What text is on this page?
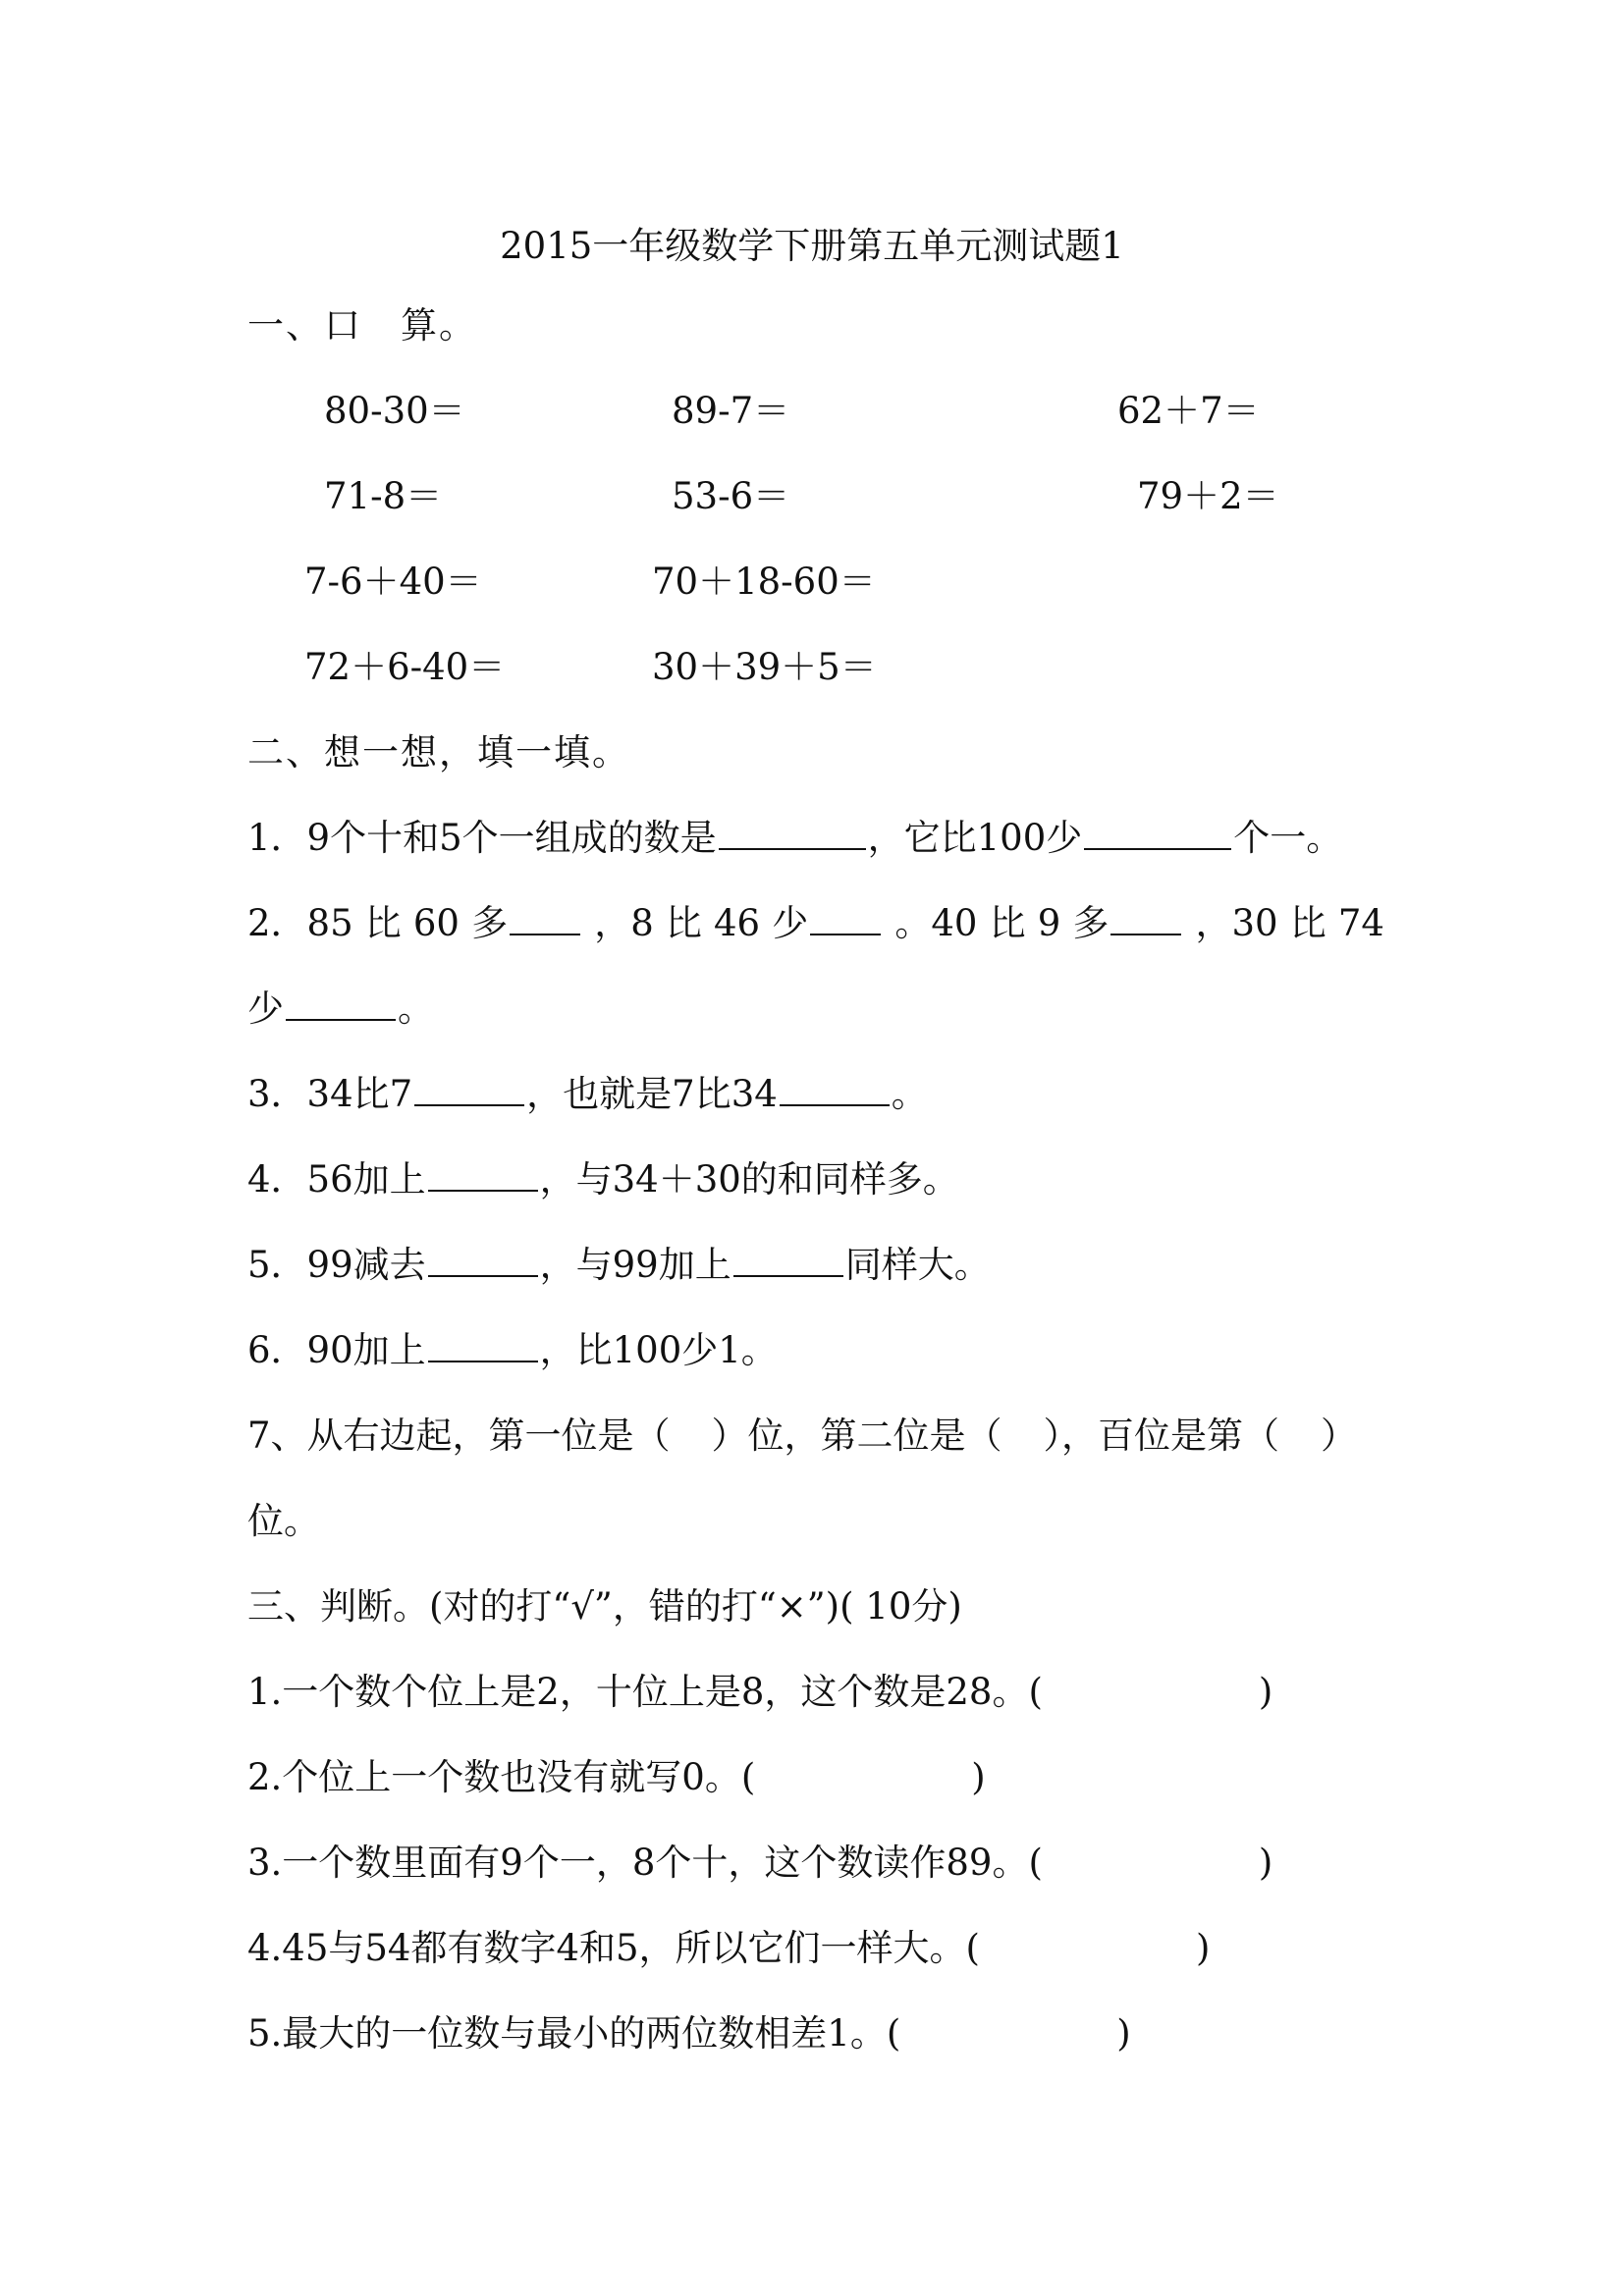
2015一年级数学下册第五单元测试题1
一、口　算。
80-30＝	89-7＝	62＋7＝
71-8＝	53-6＝	79＋2＝
7-6＋40＝	70＋18-60＝
72＋6-40＝	30＋39＋5＝
二、想一想，填一填。
1．9个十和5个一组成的数是	，它比100少	个一。
2．85 比 60 多	，8 比 46 少	。40 比 9 多	，30 比 74
少	。
3．34比7	，也就是7比34	。
4．56加上	，与34＋30的和同样多。
5．99减去	，与99加上	同样大。
6．90加上	，比100少1。
7、从右边起，第一位是（ ）位，第二位是（ ），百位是第（ ）
位。
三、判断。(对的打“√”，错的打“×”)( 10分)
1.一个数个位上是2，十位上是8，这个数是28。(	)
2.个位上一个数也没有就写0。(	)
3.一个数里面有9个一，8个十，这个数读作89。(	)
4.45与54都有数字4和5，所以它们一样大。(	)
5.最大的一位数与最小的两位数相差1。(	)
